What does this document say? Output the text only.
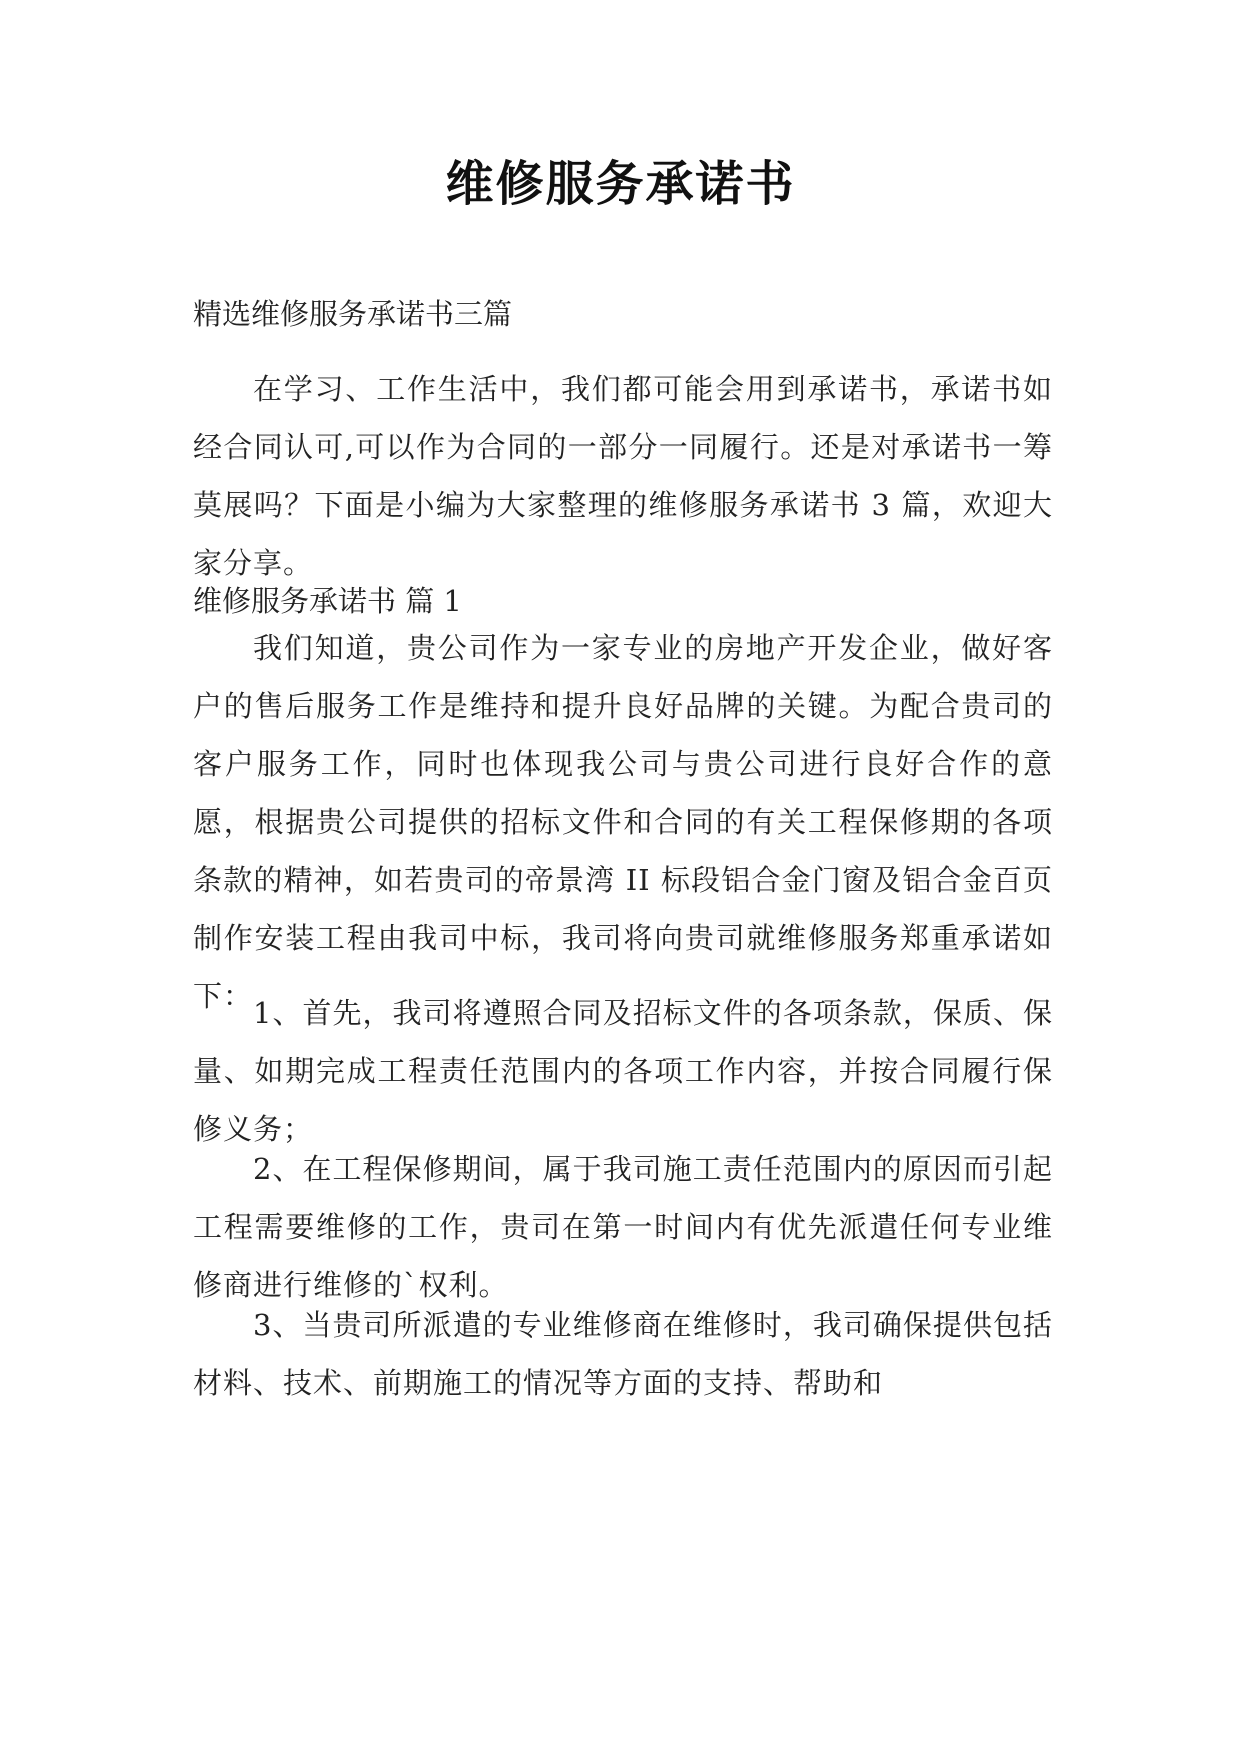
维修服务承诺书
精选维修服务承诺书三篇

在学习、工作生活中，我们都可能会用到承诺书，承诺书如经合同认可,可以作为合同的一部分一同履行。还是对承诺书一筹莫展吗？下面是小编为大家整理的维修服务承诺书 3 篇，欢迎大家分享。

维修服务承诺书 篇 1

我们知道，贵公司作为一家专业的房地产开发企业，做好客户的售后服务工作是维持和提升良好品牌的关键。为配合贵司的客户服务工作，同时也体现我公司与贵公司进行良好合作的意愿，根据贵公司提供的招标文件和合同的有关工程保修期的各项条款的精神，如若贵司的帝景湾 II 标段铝合金门窗及铝合金百页制作安装工程由我司中标，我司将向贵司就维修服务郑重承诺如下： 1、首先，我司将遵照合同及招标文件的各项条款，保质、保量、如期完成工程责任范围内的各项工作内容，并按合同履行保修义务；

2、在工程保修期间，属于我司施工责任范围内的原因而引起工程需要维修的工作，贵司在第一时间内有优先派遣任何专业维修商进行维修的`权利。

3、当贵司所派遣的专业维修商在维修时，我司确保提供包括材料、技术、前期施工的情况等方面的支持、帮助和
